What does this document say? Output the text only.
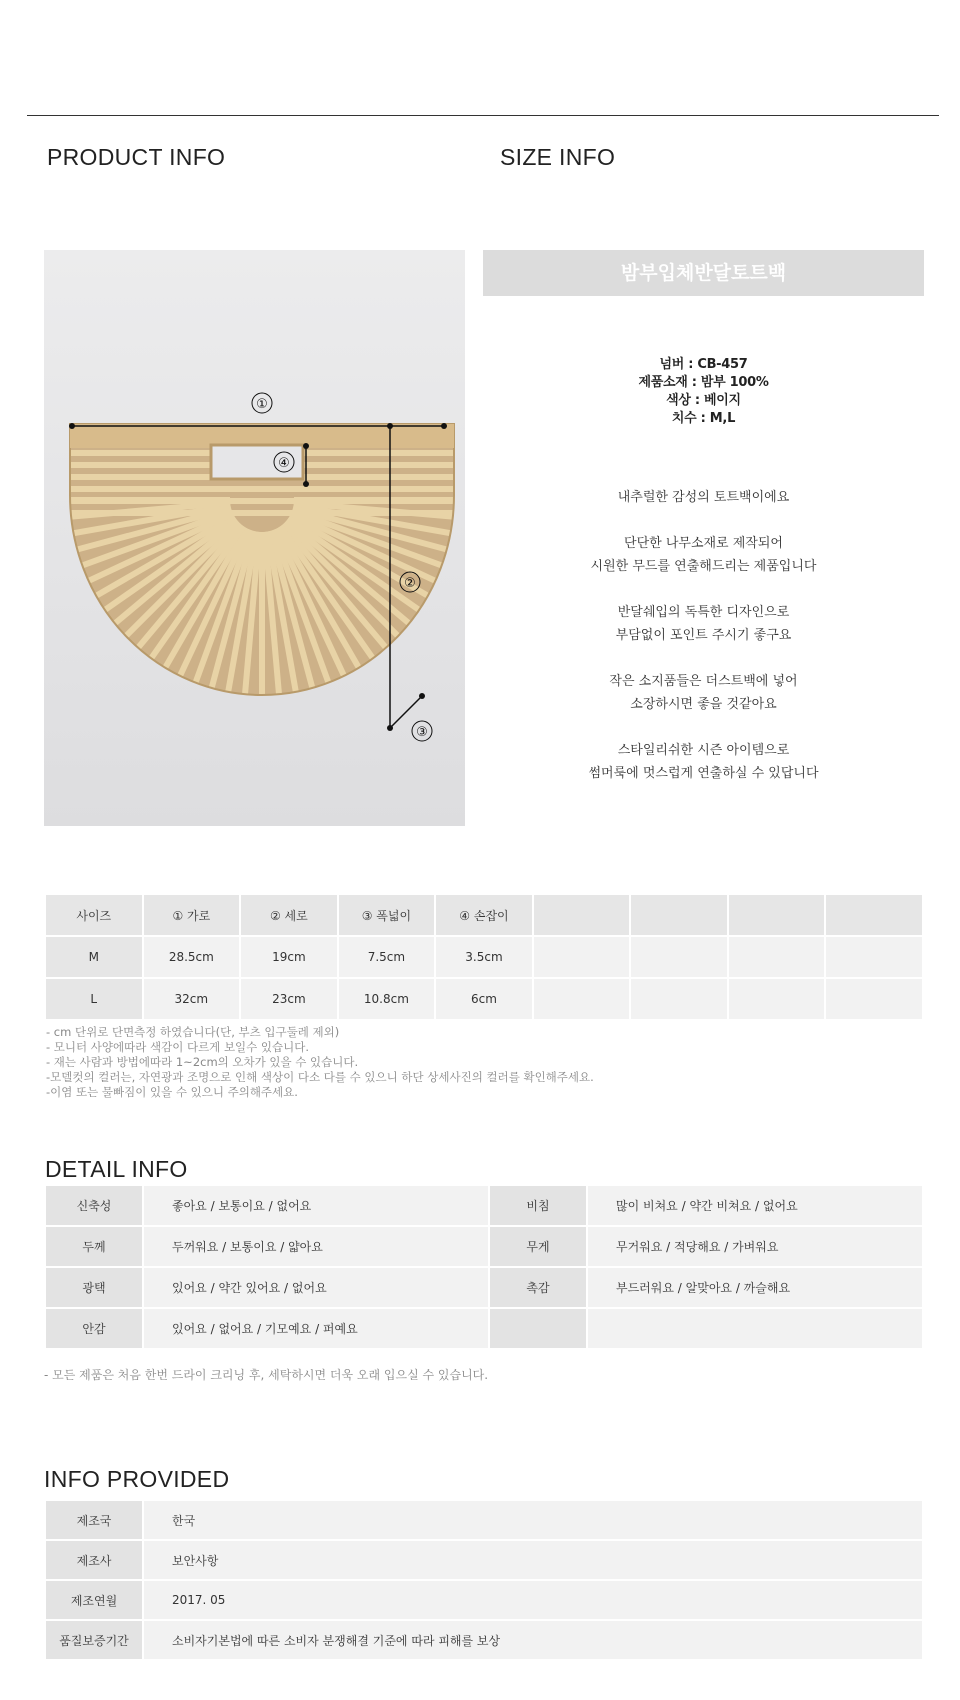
PRODUCT INFO	SIZE INFO
①
②
③
④
밤부입체반달토트백
넘버 : CB-457
제품소재 : 밤부 100%
색상 : 베이지
치수 : M,L

내추럴한 감성의 토트백이에요

단단한 나무소재로 제작되어
시원한 무드를 연출해드리는 제품입니다

반달쉐입의 독특한 디자인으로
부담없이 포인트 주시기 좋구요

작은 소지품들은 더스트백에 넣어
소장하시면 좋을 것같아요

스타일리쉬한 시즌 아이템으로
썸머룩에 멋스럽게 연출하실 수 있답니다

사이즈	① 가로	② 세로	③ 폭넓이	④ 손잡이				
M	28.5cm	19cm	7.5cm	3.5cm				
L	32cm	23cm	10.8cm	6cm				
- cm 단위로 단면측정 하였습니다(단, 부츠 입구둘레 제외)
- 모니터 사양에따라 색감이 다르게 보일수 있습니다.
- 재는 사람과 방법에따라 1~2cm의 오차가 있을 수 있습니다.
-모델컷의 컬러는, 자연광과 조명으로 인해 색상이 다소 다를 수 있으니 하단 상세사진의 컬러를 확인해주세요.
-이염 또는 물빠짐이 있을 수 있으니 주의해주세요.
DETAIL INFO
신축성	좋아요 / 보통이요 / 없어요	비침	많이 비쳐요 / 약간 비쳐요 / 없어요
두께	두꺼워요 / 보통이요 / 얇아요	무게	무거워요 / 적당해요 / 가벼워요
광택	있어요 / 약간 있어요 / 없어요	촉감	부드러워요 / 알맞아요 / 까슬해요
안감	있어요 / 없어요 / 기모예요 / 퍼예요		
- 모든 제품은 처음 한번 드라이 크리닝 후, 세탁하시면 더욱 오래 입으실 수 있습니다.
INFO PROVIDED
제조국	한국
제조사	보안사항
제조연월	2017. 05
품질보증기간	소비자기본법에 따른 소비자 분쟁해결 기준에 따라 피해를 보상
